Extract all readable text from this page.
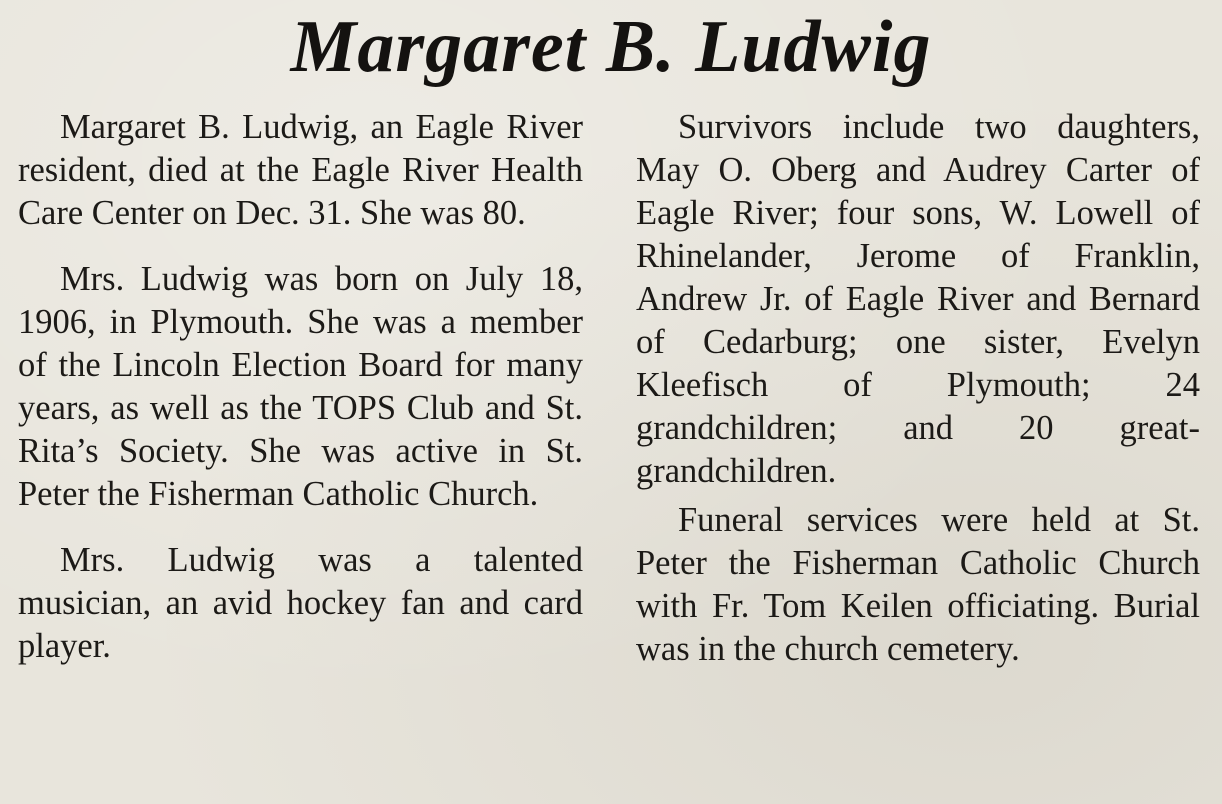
Margaret B. Ludwig

Margaret B. Ludwig, an Eagle River resident, died at the Eagle River Health Care Center on Dec. 31. She was 80.

Mrs. Ludwig was born on July 18, 1906, in Plymouth. She was a member of the Lincoln Election Board for many years, as well as the TOPS Club and St. Rita’s Society. She was active in St. Peter the Fisherman Catholic Church.

Mrs. Ludwig was a talented musician, an avid hockey fan and card player.

Survivors include two daughters, May O. Oberg and Audrey Carter of Eagle River; four sons, W. Lowell of Rhinelander, Jerome of Franklin, Andrew Jr. of Eagle River and Bernard of Cedarburg; one sister, Evelyn Kleefisch of Plymouth; 24 grandchildren; and 20 great-grandchildren.

Funeral services were held at St. Peter the Fisherman Catholic Church with Fr. Tom Keilen officiating. Burial was in the church cemetery.
